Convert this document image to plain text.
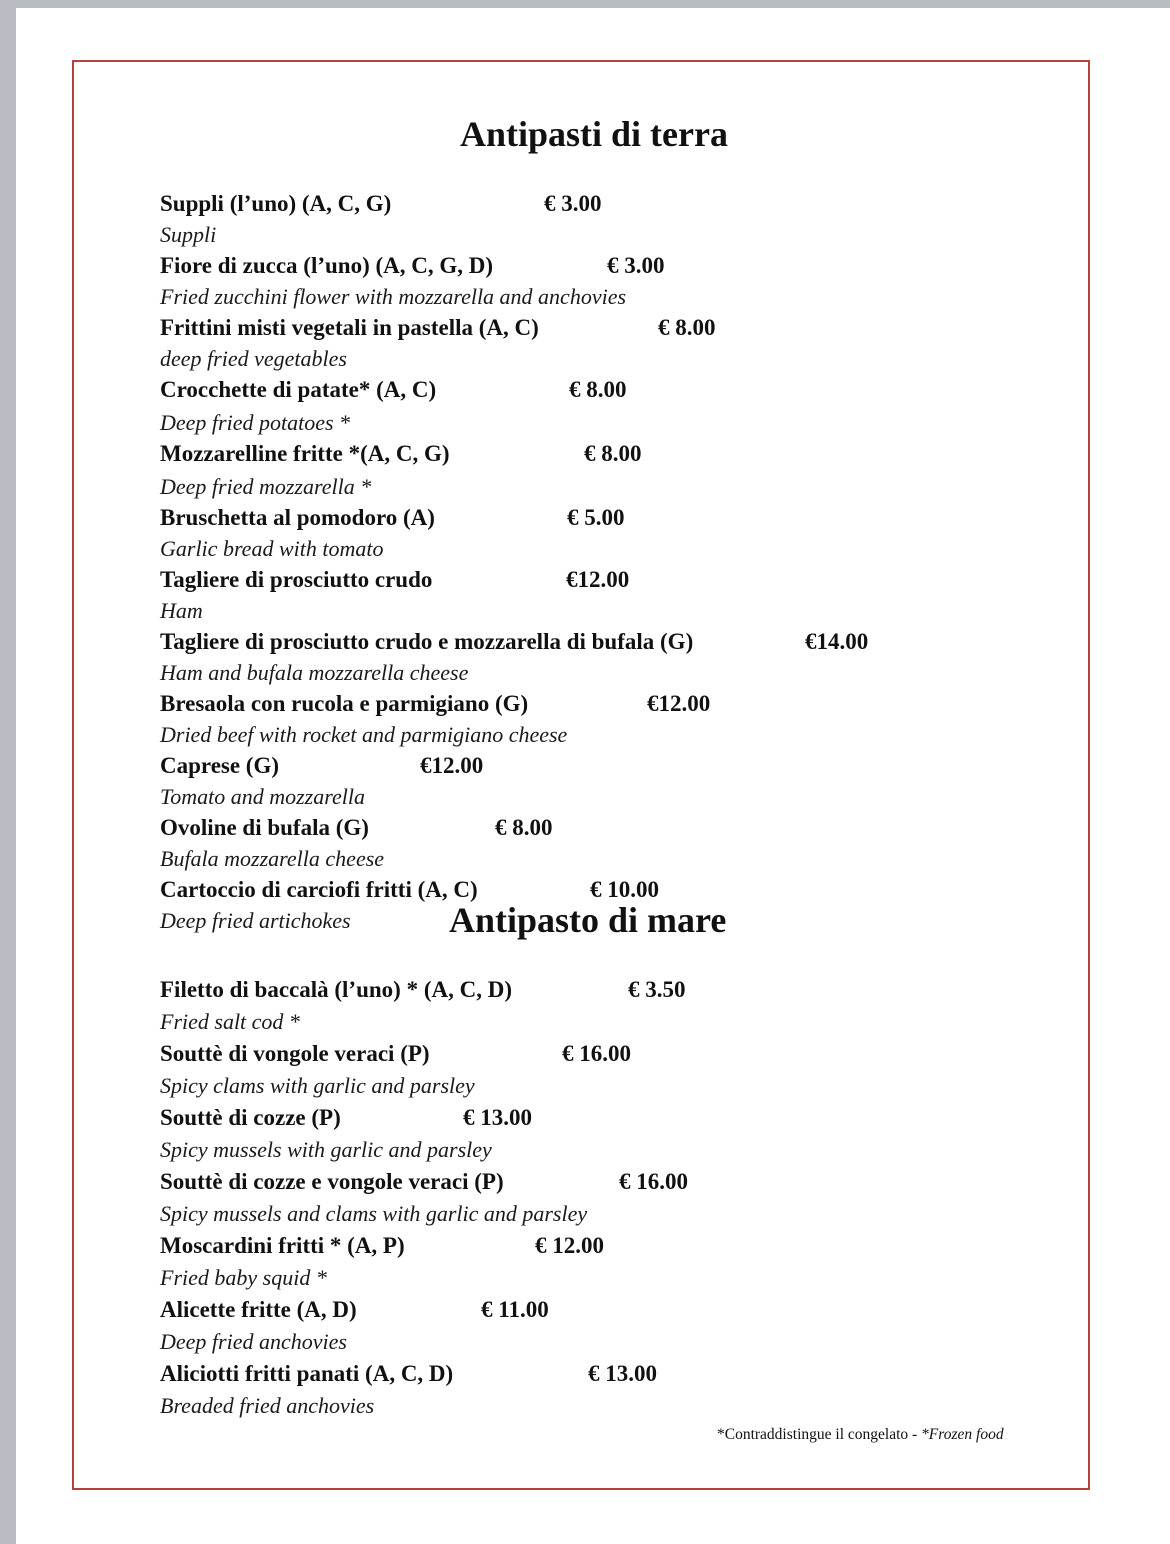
Antipasti di terra
Suppli (l’uno) (A, C, G)	€ 3.00
Suppli
Fiore di zucca (l’uno) (A, C, G, D)	€ 3.00
Fried zucchini flower with mozzarella and anchovies
Frittini misti vegetali in pastella (A, C)	€ 8.00
deep fried vegetables
Crocchette di patate* (A, C)	€ 8.00
Deep fried potatoes *
Mozzarelline fritte *(A, C, G)	€ 8.00
Deep fried mozzarella *
Bruschetta al pomodoro (A)	€ 5.00
Garlic bread with tomato
Tagliere di prosciutto crudo	€12.00
Ham
Tagliere di prosciutto crudo e mozzarella di bufala (G)	€14.00
Ham and bufala mozzarella cheese
Bresaola con rucola e parmigiano (G)	€12.00
Dried beef with rocket and parmigiano cheese
Caprese (G)	€12.00
Tomato and mozzarella
Ovoline di bufala (G)	€ 8.00
Bufala mozzarella cheese
Cartoccio di carciofi fritti (A, C)	€ 10.00
Deep fried artichokes	Antipasto di mare
Filetto di baccalà (l’uno) * (A, C, D)	€ 3.50
Fried salt cod *
Souttè di vongole veraci (P)	€ 16.00
Spicy clams with garlic and parsley
Souttè di cozze (P)	€ 13.00
Spicy mussels with garlic and parsley
Souttè di cozze e vongole veraci (P)	€ 16.00
Spicy mussels and clams with garlic and parsley
Moscardini fritti * (A, P)	€ 12.00
Fried baby squid *
Alicette fritte (A, D)	€ 11.00
Deep fried anchovies
Aliciotti fritti panati (A, C, D)	€ 13.00
Breaded fried anchovies
*Contraddistingue il congelato - *Frozen food
